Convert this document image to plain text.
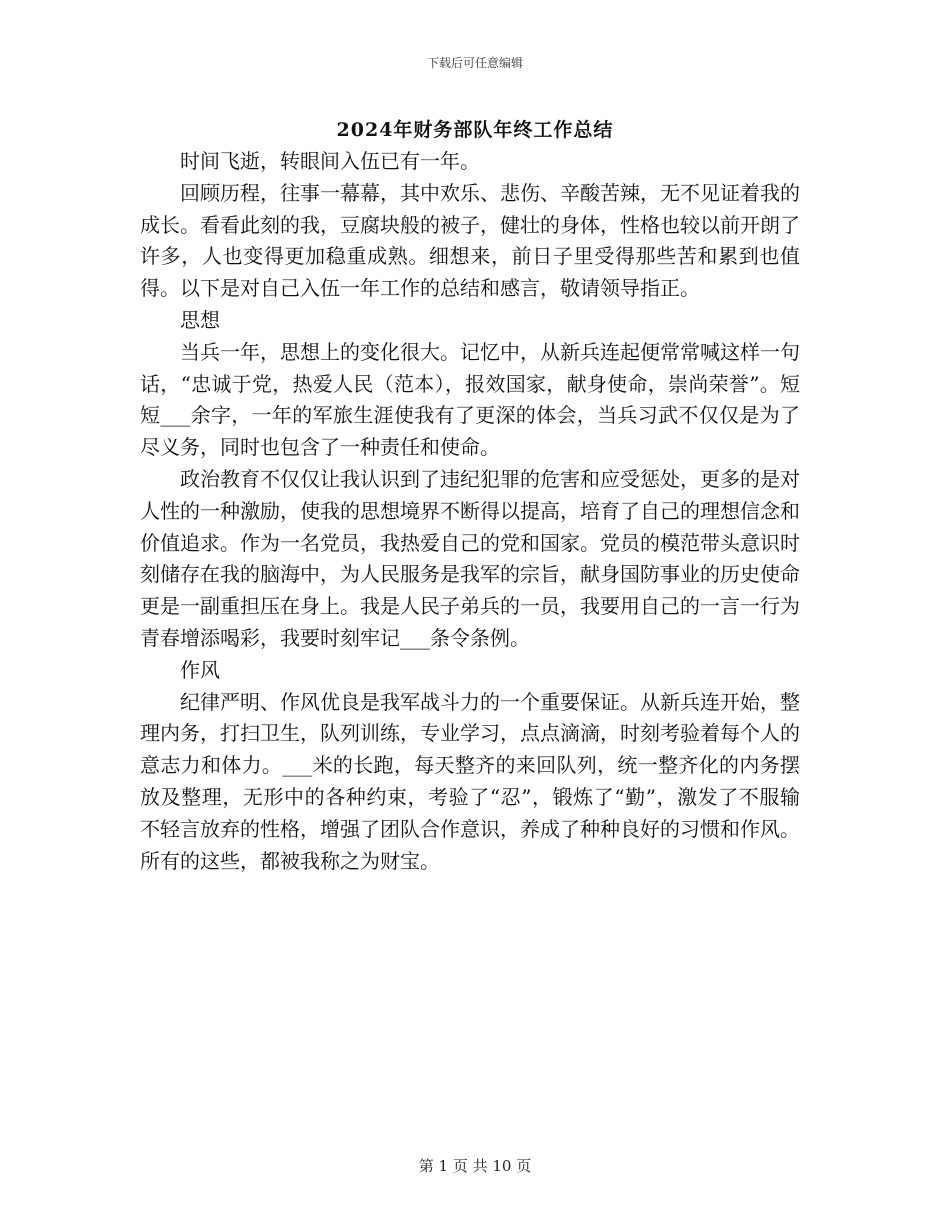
下载后可任意编辑
2024年财务部队年终工作总结

时间飞逝，转眼间入伍已有一年。

回顾历程，往事一幕幕，其中欢乐、悲伤、辛酸苦辣，无不见证着我的成长。看看此刻的我，豆腐块般的被子，健壮的身体，性格也较以前开朗了许多，人也变得更加稳重成熟。细想来，前日子里受得那些苦和累到也值得。以下是对自己入伍一年工作的总结和感言，敬请领导指正。

思想

当兵一年，思想上的变化很大。记忆中，从新兵连起便常常喊这样一句话，“忠诚于党，热爱人民（范本），报效国家，献身使命，崇尚荣誉”。短短___余字，一年的军旅生涯使我有了更深的体会，当兵习武不仅仅是为了尽义务，同时也包含了一种责任和使命。

政治教育不仅仅让我认识到了违纪犯罪的危害和应受惩处，更多的是对人性的一种激励，使我的思想境界不断得以提高，培育了自己的理想信念和价值追求。作为一名党员，我热爱自己的党和国家。党员的模范带头意识时刻储存在我的脑海中，为人民服务是我军的宗旨，献身国防事业的历史使命更是一副重担压在身上。我是人民子弟兵的一员，我要用自己的一言一行为青春增添喝彩，我要时刻牢记___条令条例。

作风

纪律严明、作风优良是我军战斗力的一个重要保证。从新兵连开始，整理内务，打扫卫生，队列训练，专业学习，点点滴滴，时刻考验着每个人的意志力和体力。___米的长跑，每天整齐的来回队列，统一整齐化的内务摆放及整理，无形中的各种约束，考验了“忍”，锻炼了“勤”，激发了不服输不轻言放弃的性格，增强了团队合作意识，养成了种种良好的习惯和作风。所有的这些，都被我称之为财宝。

第 1 页 共 10 页
